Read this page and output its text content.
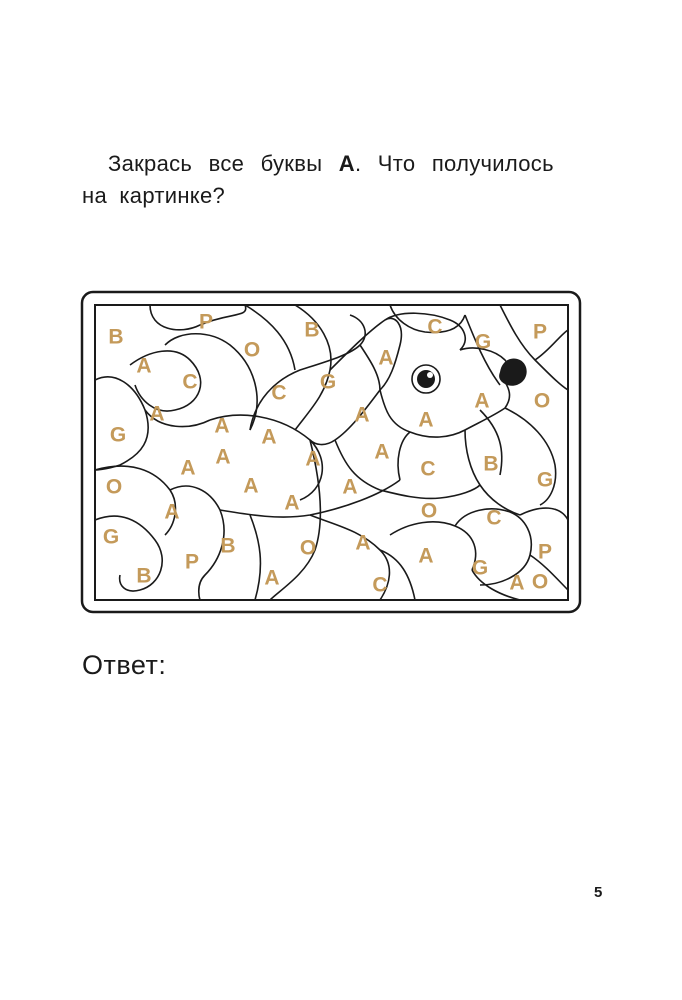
Закрась все буквы А. Что получилось
на картинке?
B
P
O
B	C
G P
A
C	C G
A
A O
G
A
A A
A A
A
A	A	A
A
C B
G
O
A
A
A	O C
A
G
P
B	O	A
G
P
B	A	C	A O
Ответ:
5
